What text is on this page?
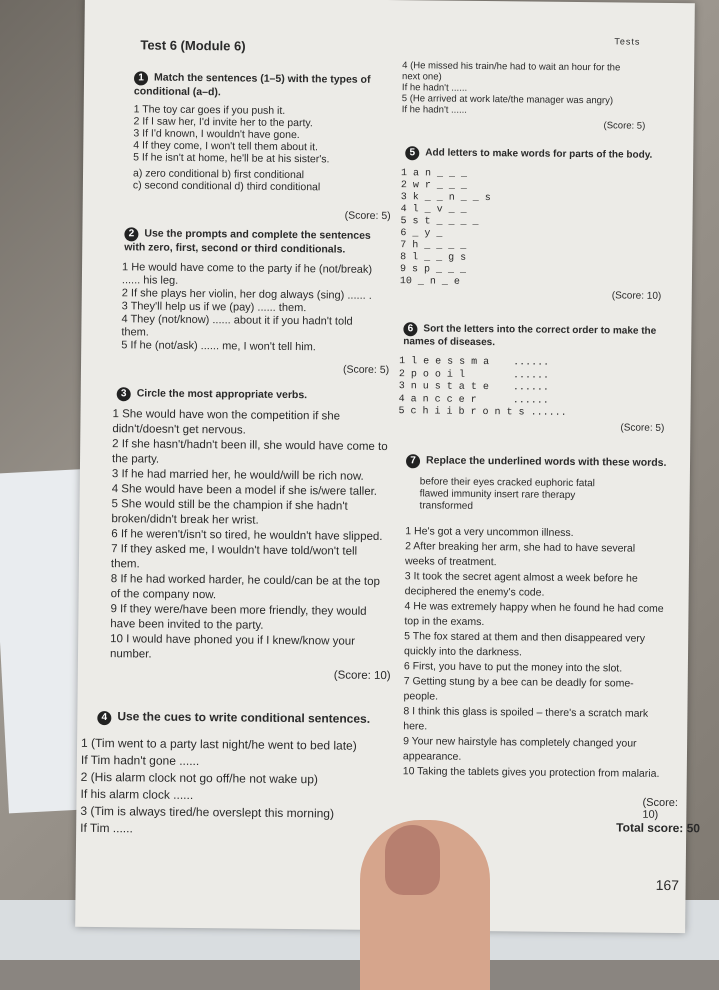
Test 6 (Module 6)	Tests
1 Match the sentences (1–5) with the types of conditional (a–d).
1 The toy car goes if you push it.
2 If I saw her, I'd invite her to the party.
3 If I'd known, I wouldn't have gone.
4 If they come, I won't tell them about it.
5 If he isn't at home, he'll be at his sister's.
a) zero conditional b) first conditional
c) second conditional d) third conditional
(Score: 5)
2 Use the prompts and complete the sentences with zero, first, second or third conditionals.
1 He would have come to the party if he (not/break)
...... his leg.
2 If she plays her violin, her dog always (sing) ...... .
3 They'll help us if we (pay) ...... them.
4 They (not/know) ...... about it if you hadn't told
them.
5 If he (not/ask) ...... me, I won't tell him.
(Score: 5)
3 Circle the most appropriate verbs.
1 She would have won the competition if she
didn't/doesn't get nervous.
2 If she hasn't/hadn't been ill, she would have come to
the party.
3 If he had married her, he would/will be rich now.
4 She would have been a model if she is/were taller.
5 She would still be the champion if she hadn't
broken/didn't break her wrist.
6 If he weren't/isn't so tired, he wouldn't have slipped.
7 If they asked me, I wouldn't have told/won't tell
them.
8 If he had worked harder, he could/can be at the top
of the company now.
9 If they were/have been more friendly, they would
have been invited to the party.
10 I would have phoned you if I knew/know your
number.
(Score: 10)
4 Use the cues to write conditional sentences.
1 (Tim went to a party last night/he went to bed late)
If Tim hadn't gone ......
2 (His alarm clock not go off/he not wake up)
If his alarm clock ......
3 (Tim is always tired/he overslept this morning)
If Tim ......
4 (He missed his train/he had to wait an hour for the
next one)
If he hadn't ......
5 (He arrived at work late/the manager was angry)
If he hadn't ......
(Score: 5)
5 Add letters to make words for parts of the body.
1 a n _ _ _
2 w r _ _ _
3 k _ _ n _ _ s
4 l _ v _ _
5 s t _ _ _ _
6 _ y _
7 h _ _ _ _
8 l _ _ g s
9 s p _ _ _
10 _ n _ e
(Score: 10)
6 Sort the letters into the correct order to make the names of diseases.
1 l e e s s m a ......
2 p o o i l	......
3 n u s t a t e ......
4 a n c c e r	......
5 c h i i b r o n t s ......
(Score: 5)
7 Replace the underlined words with these words.
before their eyes cracked euphoric fatal
flawed immunity insert rare therapy
transformed
1 He's got a very uncommon illness.
2 After breaking her arm, she had to have several
weeks of treatment.
3 It took the secret agent almost a week before he
deciphered the enemy's code.
4 He was extremely happy when he found he had come
top in the exams.
5 The fox stared at them and then disappeared very
quickly into the darkness.
6 First, you have to put the money into the slot.
7 Getting stung by a bee can be deadly for some-
people.
8 I think this glass is spoiled – there's a scratch mark
here.
9 Your new hairstyle has completely changed your
appearance.
10 Taking the tablets gives you protection from malaria.
(Score: 10)
Total score: 50
167
